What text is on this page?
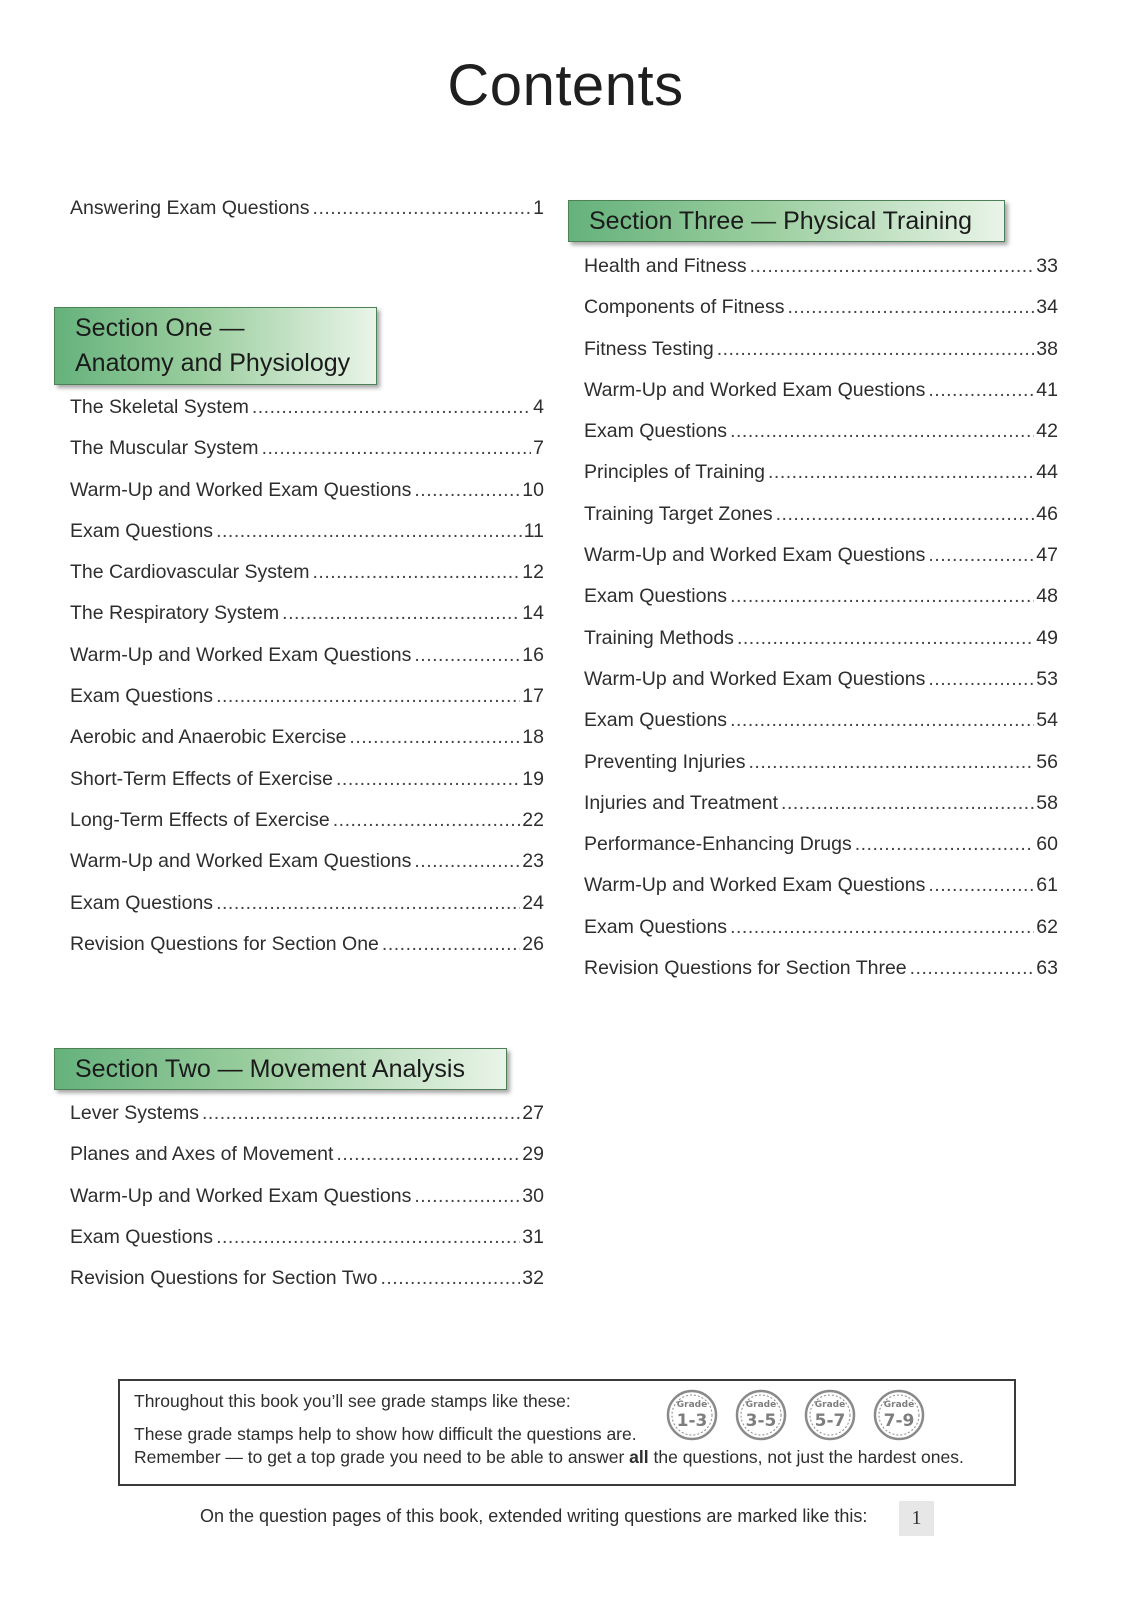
Contents
Answering Exam Questions .....	1
Section One —
Anatomy and Physiology
The Skeletal System .....	4
The Muscular System .....	7
Warm-Up and Worked Exam Questions .....	10
Exam Questions .....	11
The Cardiovascular System .....	12
The Respiratory System .....	14
Warm-Up and Worked Exam Questions .....	16
Exam Questions .....	17
Aerobic and Anaerobic Exercise .....	18
Short-Term Effects of Exercise .....	19
Long-Term Effects of Exercise .....	22
Warm-Up and Worked Exam Questions .....	23
Exam Questions .....	24
Revision Questions for Section One .....	26
Section Two — Movement Analysis
Lever Systems .....	27
Planes and Axes of Movement .....	29
Warm-Up and Worked Exam Questions .....	30
Exam Questions .....	31
Revision Questions for Section Two .....	32
Section Three — Physical Training
Health and Fitness .....	33
Components of Fitness .....	34
Fitness Testing .....	38
Warm-Up and Worked Exam Questions .....	41
Exam Questions .....	42
Principles of Training .....	44
Training Target Zones .....	46
Warm-Up and Worked Exam Questions .....	47
Exam Questions .....	48
Training Methods .....	49
Warm-Up and Worked Exam Questions .....	53
Exam Questions .....	54
Preventing Injuries .....	56
Injuries and Treatment .....	58
Performance-Enhancing Drugs .....	60
Warm-Up and Worked Exam Questions .....	61
Exam Questions .....	62
Revision Questions for Section Three .....	63
Throughout this book you’ll see grade stamps like these:
These grade stamps help to show how difficult the questions are.
Remember — to get a top grade you need to be able to answer all the questions, not just the hardest ones.
Grade
1-3
Grade
3-5
Grade
5-7
Grade
7-9
On the question pages of this book, extended writing questions are marked like this:	1
